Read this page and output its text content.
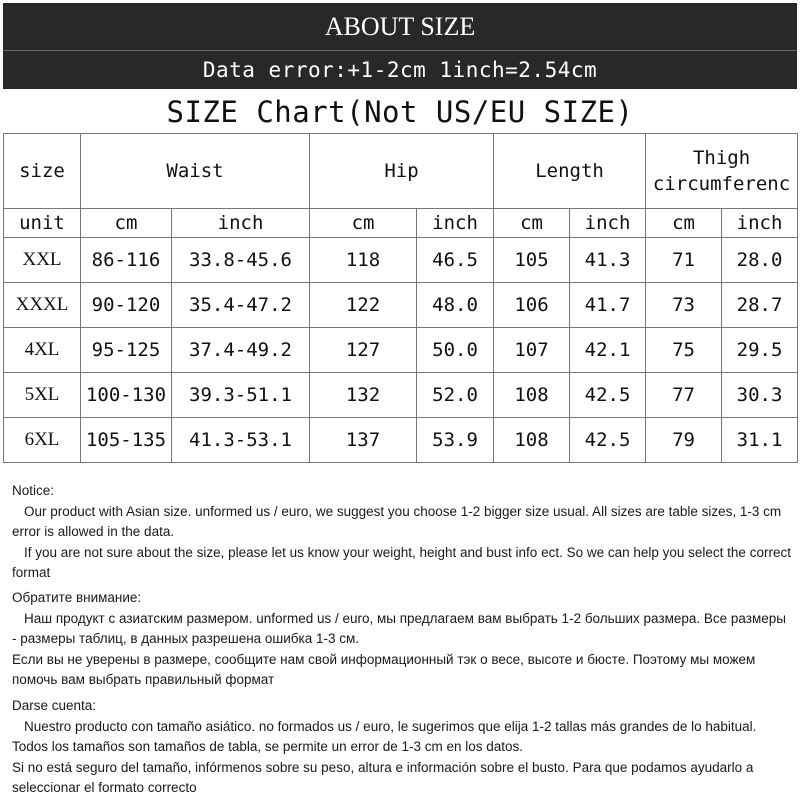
ABOUT SIZE
Data error:+1-2cm 1inch=2.54cm
SIZE Chart(Not US/EU SIZE)
size	Waist		Hip		Length		Thigh
circumferenc	

unit	cm	inch	cm	inch	cm	inch	cm	inch
XXL	86-116	33.8-45.6	118	46.5	105	41.3	71	28.0
XXXL	90-120	35.4-47.2	122	48.0	106	41.7	73	28.7
4XL	95-125	37.4-49.2	127	50.0	107	42.1	75	29.5
5XL	100-130	39.3-51.1	132	52.0	108	42.5	77	30.3
6XL	105-135	41.3-53.1	137	53.9	108	42.5	79	31.1

Notice:

Our product with Asian size. unformed us / euro, we suggest you choose 1-2 bigger size usual. All sizes are table sizes, 1-3 cm error is allowed in the data.

If you are not sure about the size, please let us know your weight, height and bust info ect. So we can help you select the correct format

Обратите внимание:

Наш продукт с азиатским размером. unformed us / euro, мы предлагаем вам выбрать 1-2 больших размера. Все размеры - размеры таблиц, в данных разрешена ошибка 1-3 см.

Если вы не уверены в размере, сообщите нам свой информационный тэк о весе, высоте и бюсте. Поэтому мы можем помочь вам выбрать правильный формат

Darse cuenta:

Nuestro producto con tamaño asiático. no formados us / euro, le sugerimos que elija 1-2 tallas más grandes de lo habitual. Todos los tamaños son tamaños de tabla, se permite un error de 1-3 cm en los datos.

Si no está seguro del tamaño, infórmenos sobre su peso, altura e información sobre el busto. Para que podamos ayudarlo a seleccionar el formato correcto
